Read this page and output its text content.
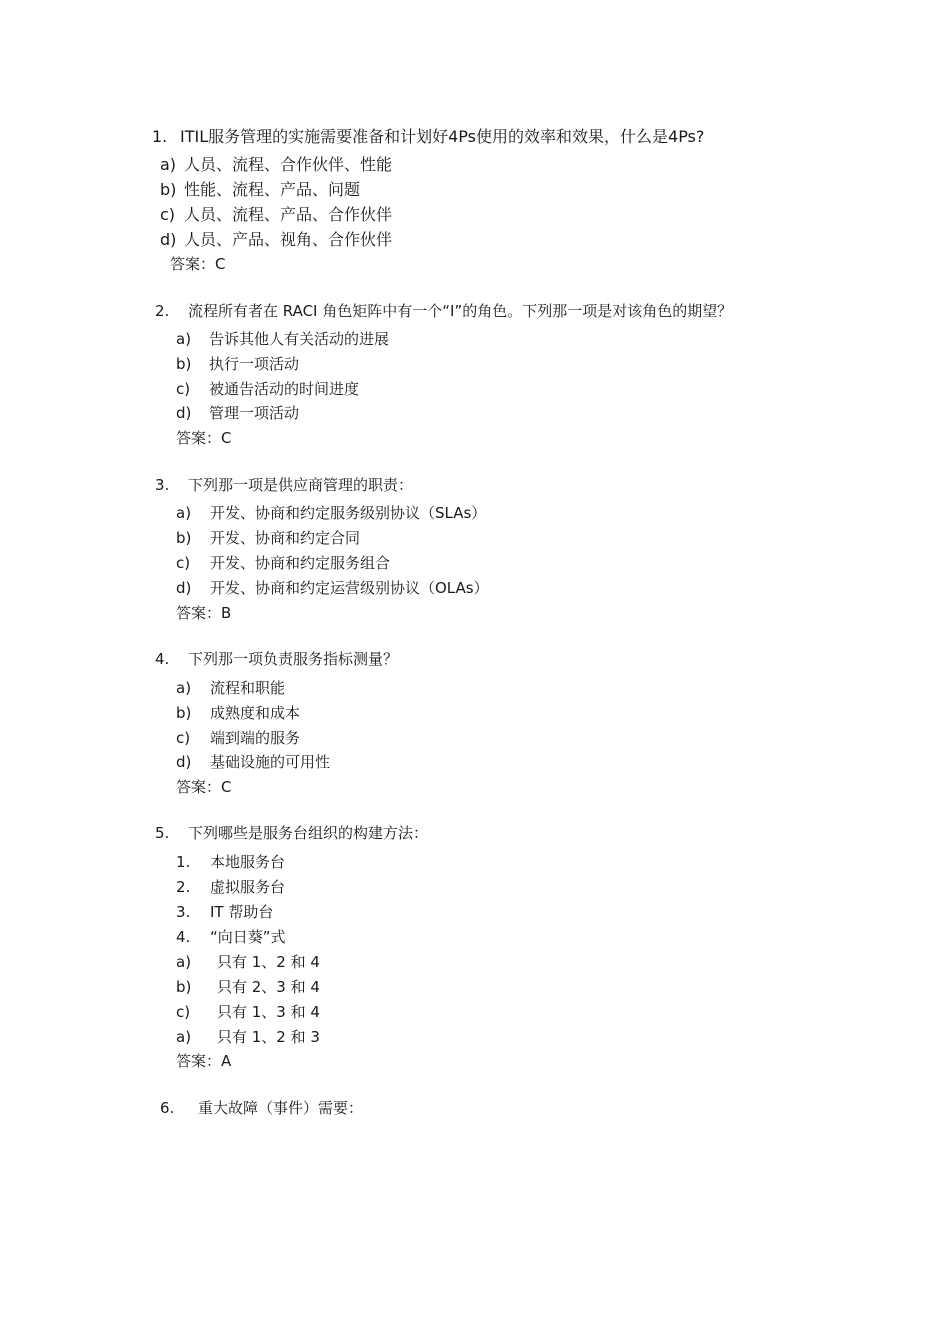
1. ITIL服务管理的实施需要准备和计划好4Ps使用的效率和效果，什么是4Ps?
a) 人员、流程、合作伙伴、性能
b) 性能、流程、产品、问题
c) 人员、流程、产品、合作伙伴
d) 人员、产品、视角、合作伙伴
答案：C
2. 流程所有者在 RACI 角色矩阵中有一个“I”的角色。下列那一项是对该角色的期望？
a) 告诉其他人有关活动的进展
b) 执行一项活动
c) 被通告活动的时间进度
d) 管理一项活动
答案：C
3. 下列那一项是供应商管理的职责：
a) 开发、协商和约定服务级别协议（SLAs）
b) 开发、协商和约定合同
c) 开发、协商和约定服务组合
d) 开发、协商和约定运营级别协议（OLAs）
答案：B
4. 下列那一项负责服务指标测量？
a) 流程和职能
b) 成熟度和成本
c) 端到端的服务
d) 基础设施的可用性
答案：C
5. 下列哪些是服务台组织的构建方法：
1. 本地服务台
2. 虚拟服务台
3. IT 帮助台
4. “向日葵”式
a) 只有 1、2 和 4
b) 只有 2、3 和 4
c) 只有 1、3 和 4
a) 只有 1、2 和 3
答案：A
6. 重大故障（事件）需要：
